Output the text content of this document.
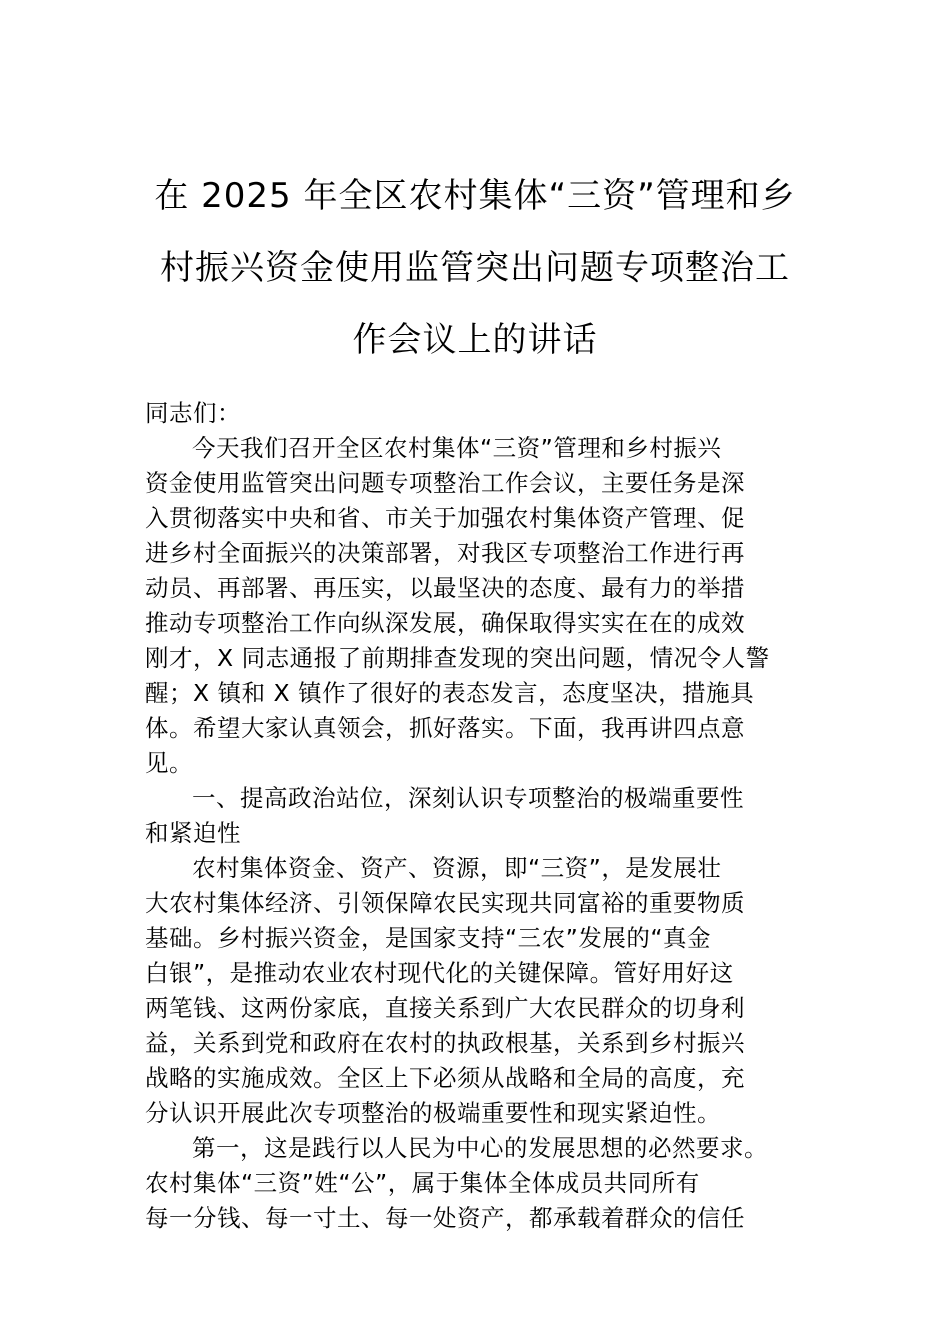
在 2025 年全区农村集体“三资”管理和乡
村振兴资金使用监管突出问题专项整治工
作会议上的讲话
同志们：
今天我们召开全区农村集体“三资”管理和乡村振兴
资金使用监管突出问题专项整治工作会议，主要任务是深
入贯彻落实中央和省、市关于加强农村集体资产管理、促
进乡村全面振兴的决策部署，对我区专项整治工作进行再
动员、再部署、再压实，以最坚决的态度、最有力的举措
推动专项整治工作向纵深发展，确保取得实实在在的成效
刚才，X 同志通报了前期排查发现的突出问题，情况令人警
醒；X 镇和 X 镇作了很好的表态发言，态度坚决，措施具
体。希望大家认真领会，抓好落实。下面，我再讲四点意
见。
一、提高政治站位，深刻认识专项整治的极端重要性
和紧迫性
农村集体资金、资产、资源，即“三资”，是发展壮
大农村集体经济、引领保障农民实现共同富裕的重要物质
基础。乡村振兴资金，是国家支持“三农”发展的“真金
白银”，是推动农业农村现代化的关键保障。管好用好这
两笔钱、这两份家底，直接关系到广大农民群众的切身利
益，关系到党和政府在农村的执政根基，关系到乡村振兴
战略的实施成效。全区上下必须从战略和全局的高度，充
分认识开展此次专项整治的极端重要性和现实紧迫性。
第一，这是践行以人民为中心的发展思想的必然要求。
农村集体“三资”姓“公”，属于集体全体成员共同所有
每一分钱、每一寸土、每一处资产，都承载着群众的信任
